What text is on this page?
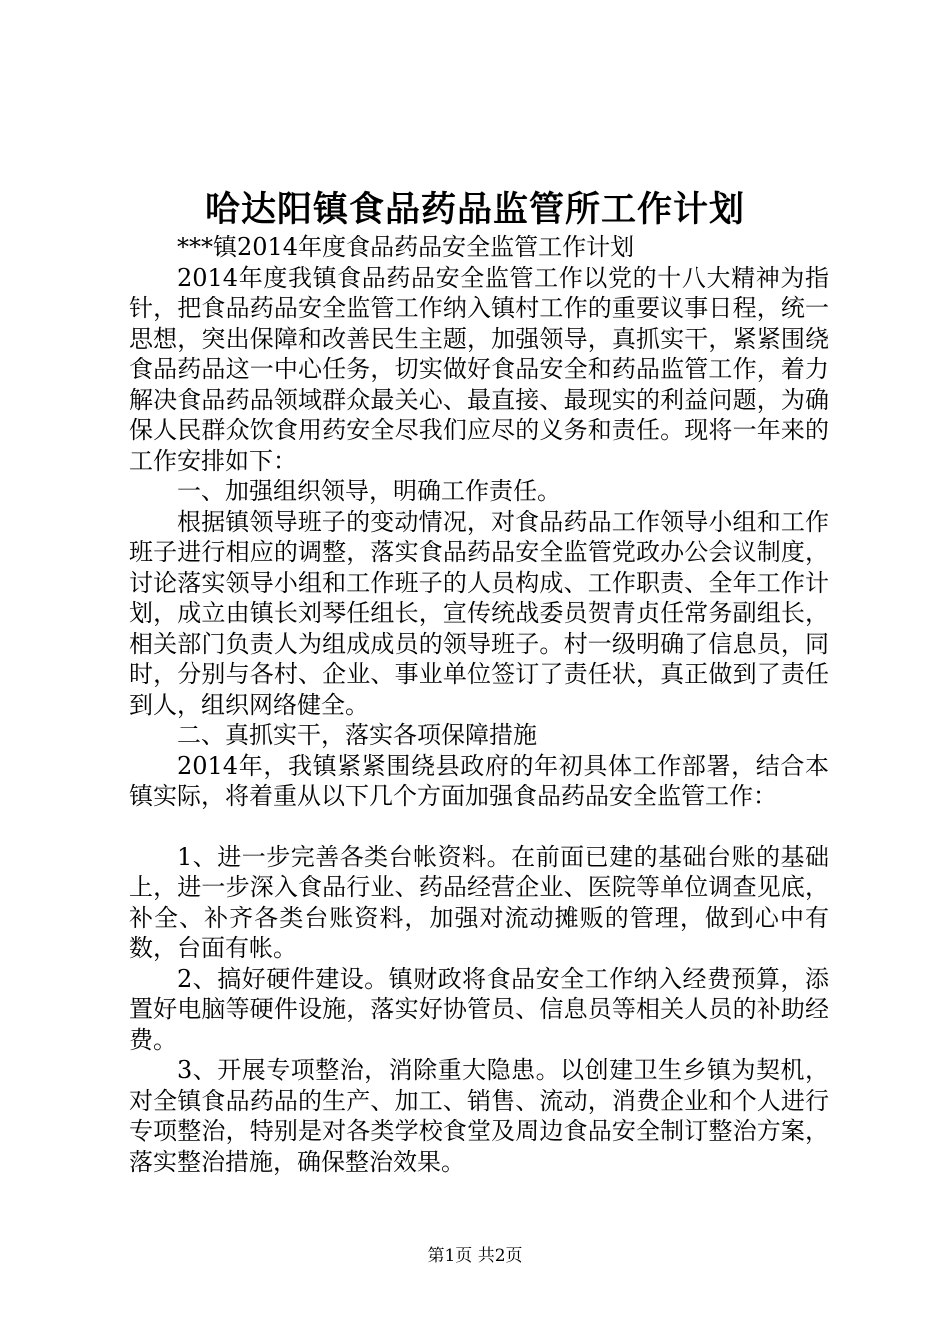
哈达阳镇食品药品监管所工作计划

***镇2014年度食品药品安全监管工作计划

2014年度我镇食品药品安全监管工作以党的十八大精神为指针，把食品药品安全监管工作纳入镇村工作的重要议事日程，统一思想，突出保障和改善民生主题，加强领导，真抓实干，紧紧围绕食品药品这一中心任务，切实做好食品安全和药品监管工作，着力解决食品药品领域群众最关心、最直接、最现实的利益问题，为确保人民群众饮食用药安全尽我们应尽的义务和责任。现将一年来的工作安排如下：

一、加强组织领导，明确工作责任。

根据镇领导班子的变动情况，对食品药品工作领导小组和工作班子进行相应的调整，落实食品药品安全监管党政办公会议制度，讨论落实领导小组和工作班子的人员构成、工作职责、全年工作计划，成立由镇长刘琴任组长，宣传统战委员贺青贞任常务副组长，相关部门负责人为组成成员的领导班子。村一级明确了信息员，同时，分别与各村、企业、事业单位签订了责任状，真正做到了责任到人，组织网络健全。

二、真抓实干，落实各项保障措施

2014年，我镇紧紧围绕县政府的年初具体工作部署，结合本镇实际，将着重从以下几个方面加强食品药品安全监管工作：

1、进一步完善各类台帐资料。在前面已建的基础台账的基础上，进一步深入食品行业、药品经营企业、医院等单位调查见底，补全、补齐各类台账资料，加强对流动摊贩的管理，做到心中有数，台面有帐。

2、搞好硬件建设。镇财政将食品安全工作纳入经费预算，添置好电脑等硬件设施，落实好协管员、信息员等相关人员的补助经费。

3、开展专项整治，消除重大隐患。以创建卫生乡镇为契机，对全镇食品药品的生产、加工、销售、流动，消费企业和个人进行专项整治，特别是对各类学校食堂及周边食品安全制订整治方案，落实整治措施，确保整治效果。

第1页 共2页
